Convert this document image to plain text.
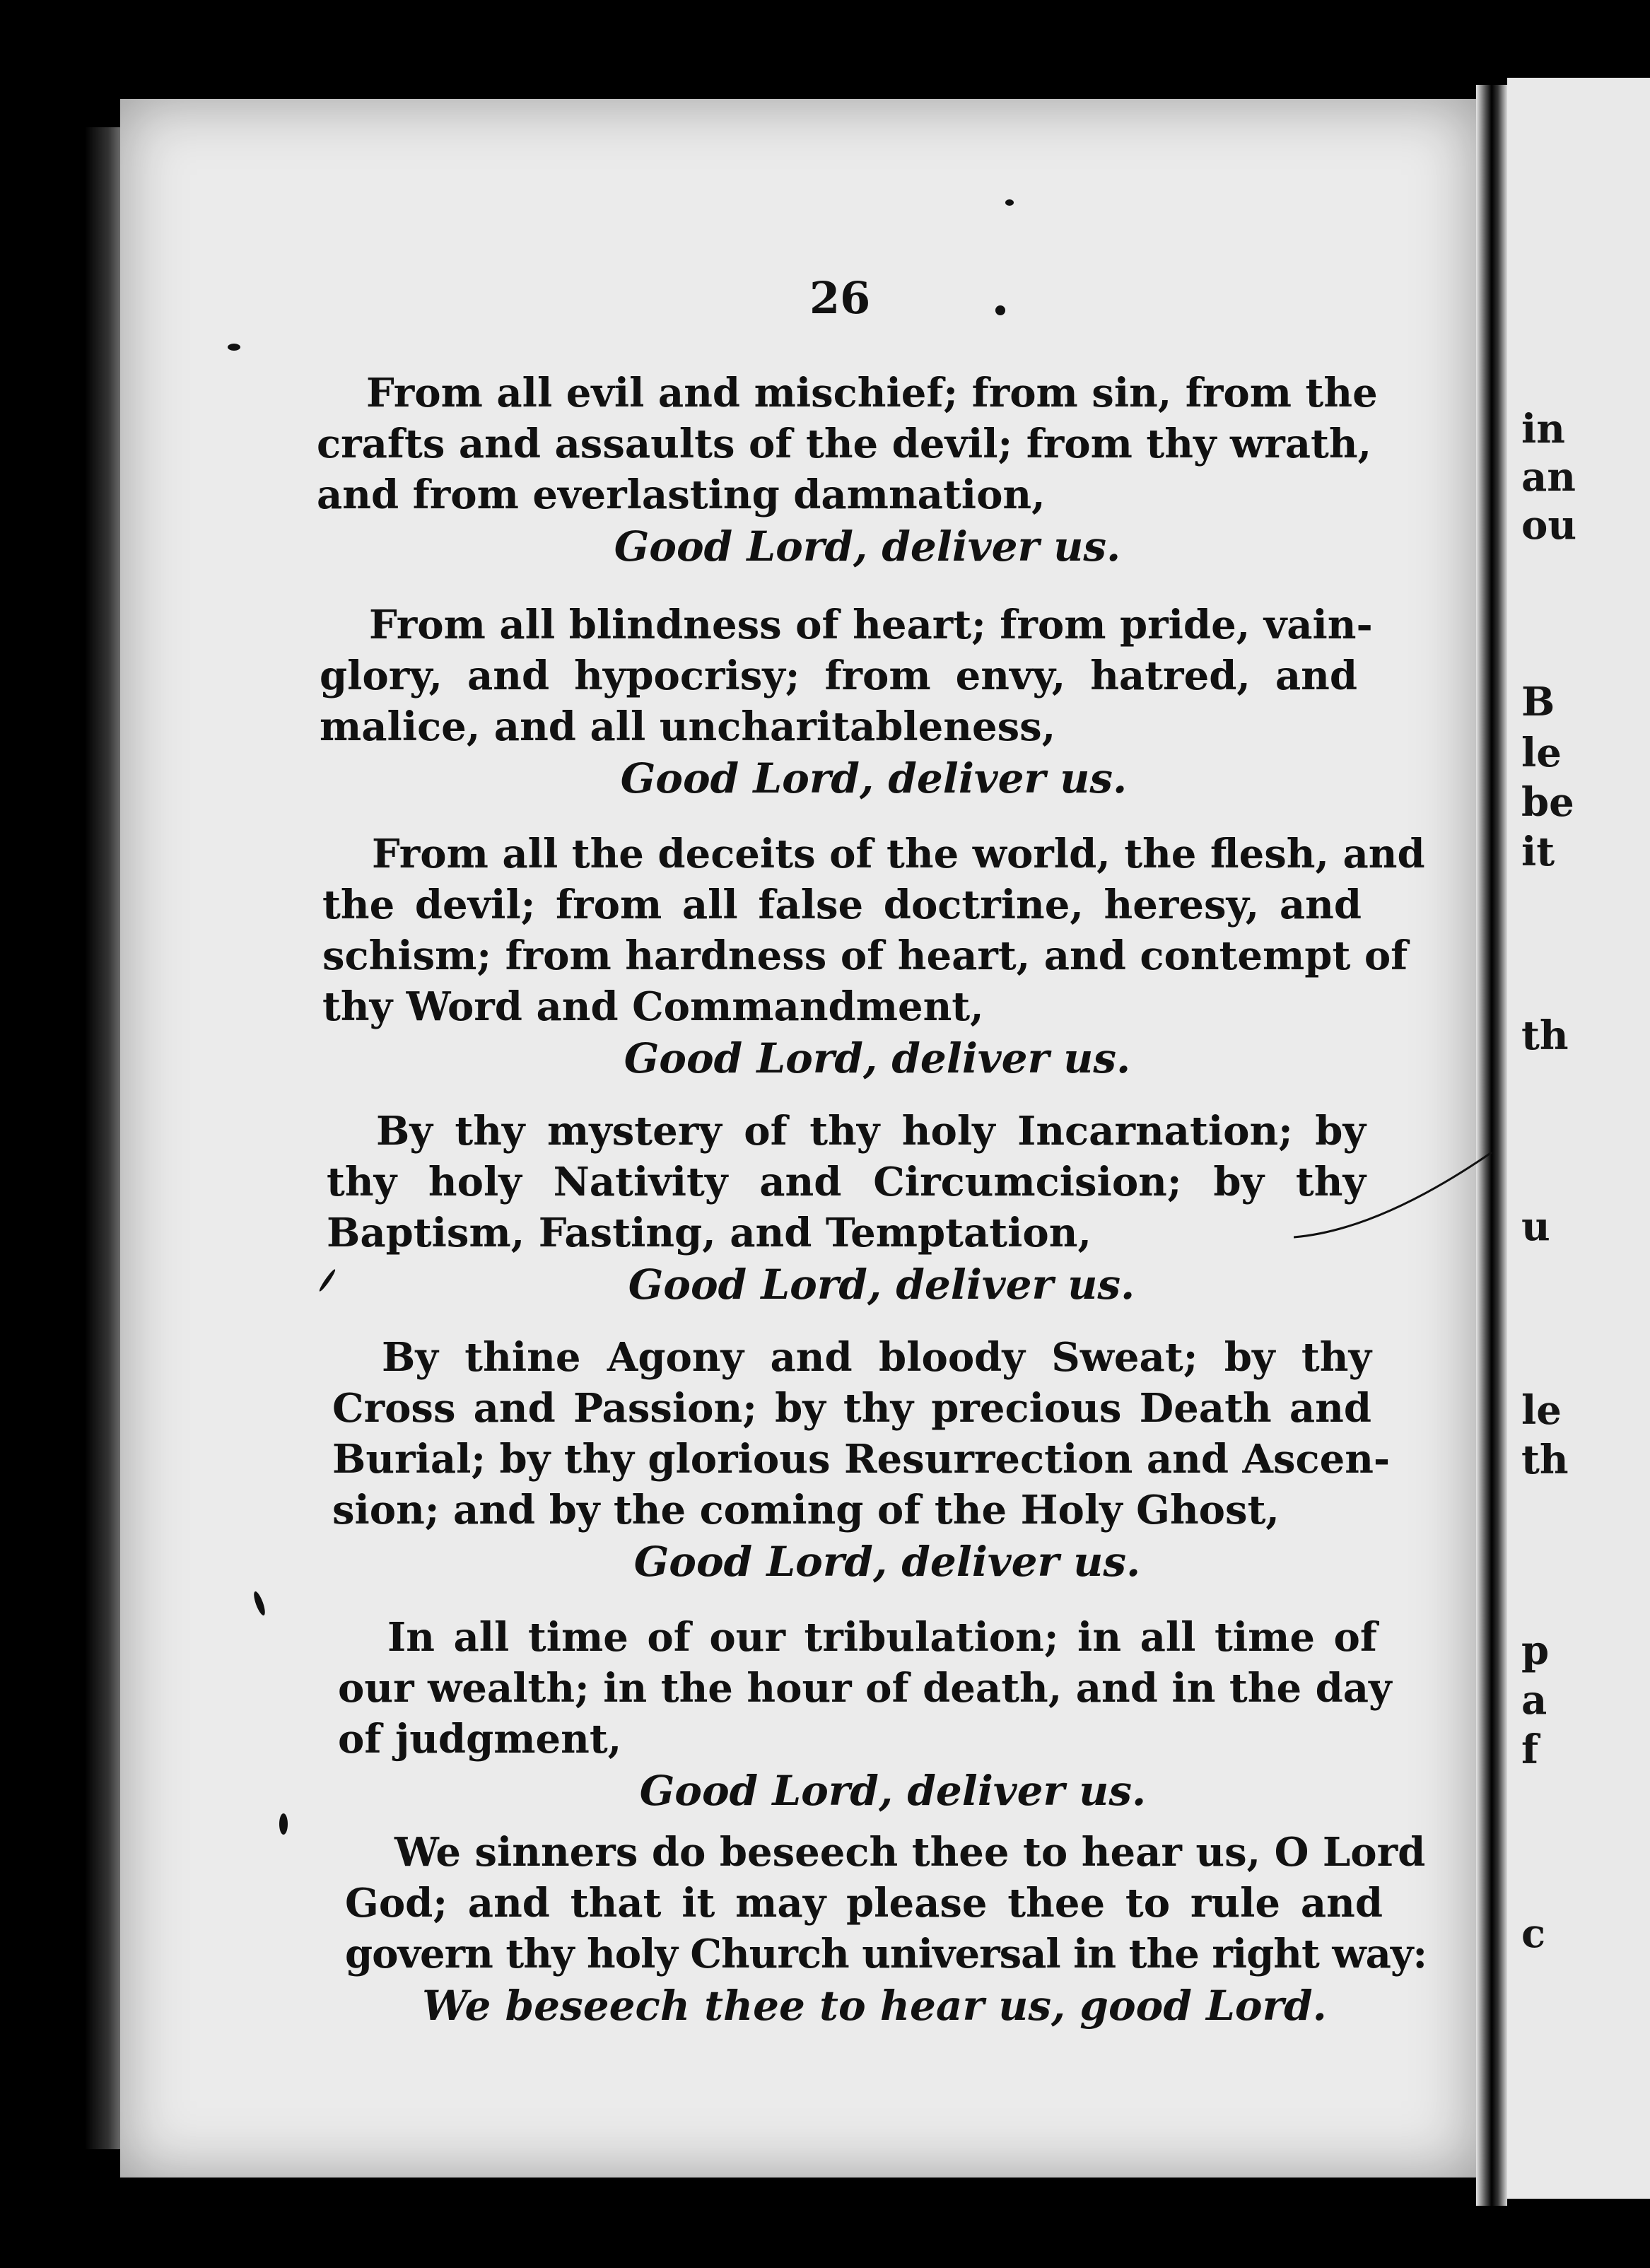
in
an
ou
B
le
be
it
th
u
le
th
p
a
f
c
26
From all evil and mischief; from sin, from the
crafts and assaults of the devil; from thy wrath,
and from everlasting damnation,
Good Lord, deliver us.
From all blindness of heart; from pride, vain-
glory, and hypocrisy; from envy, hatred, and
malice, and all uncharitableness,
Good Lord, deliver us.
From all the deceits of the world, the flesh, and
the devil; from all false doctrine, heresy, and
schism; from hardness of heart, and contempt of
thy Word and Commandment,
Good Lord, deliver us.
By thy mystery of thy holy Incarnation; by
thy holy Nativity and Circumcision; by thy
Baptism, Fasting, and Temptation,
Good Lord, deliver us.
By thine Agony and bloody Sweat; by thy
Cross and Passion; by thy precious Death and
Burial; by thy glorious Resurrection and Ascen-
sion; and by the coming of the Holy Ghost,
Good Lord, deliver us.
In all time of our tribulation; in all time of
our wealth; in the hour of death, and in the day
of judgment,
Good Lord, deliver us.
We sinners do beseech thee to hear us, O Lord
God; and that it may please thee to rule and
govern thy holy Church universal in the right way:
We beseech thee to hear us, good Lord.
